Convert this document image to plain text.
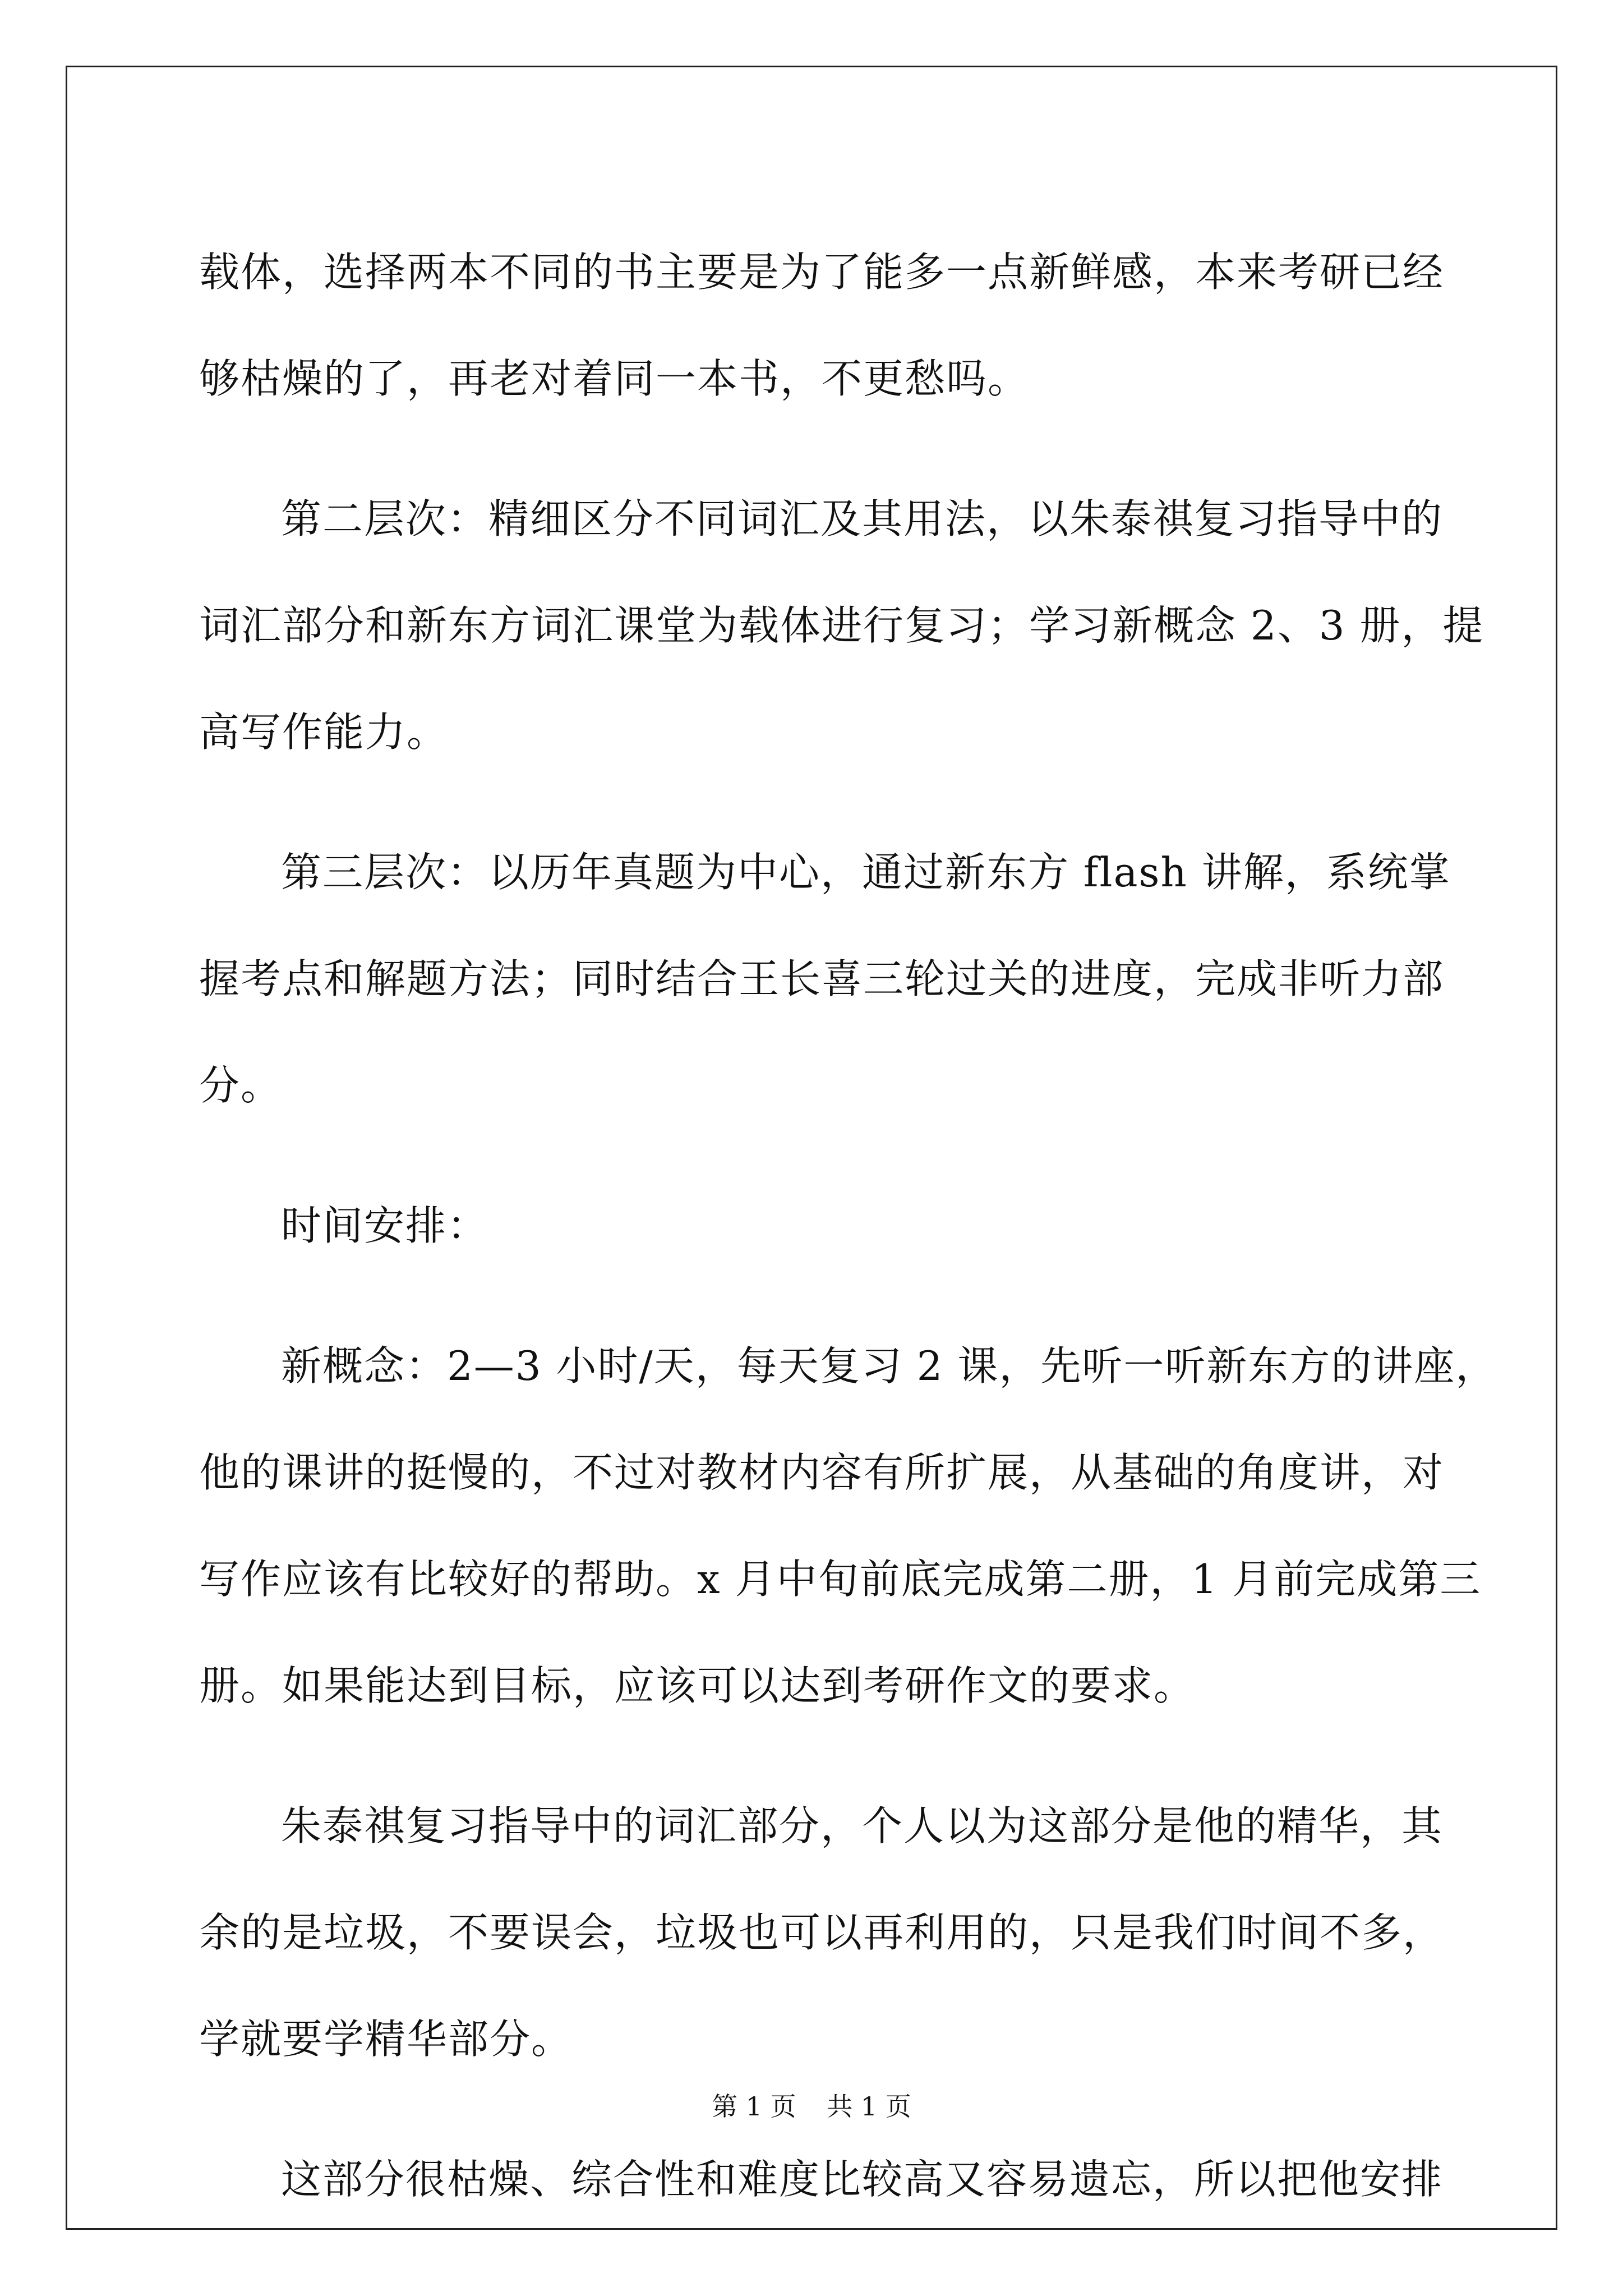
载体，选择两本不同的书主要是为了能多一点新鲜感，本来考研已经
够枯燥的了，再老对着同一本书，不更愁吗。
第二层次：精细区分不同词汇及其用法，以朱泰祺复习指导中的
词汇部分和新东方词汇课堂为载体进行复习；学习新概念 2、3 册，提
高写作能力。
第三层次：以历年真题为中心，通过新东方 flash 讲解，系统掌
握考点和解题方法；同时结合王长喜三轮过关的进度，完成非听力部
分。
时间安排：
新概念：2—3 小时/天，每天复习 2 课，先听一听新东方的讲座，
他的课讲的挺慢的，不过对教材内容有所扩展，从基础的角度讲，对
写作应该有比较好的帮助。x 月中旬前底完成第二册，1 月前完成第三
册。如果能达到目标，应该可以达到考研作文的要求。
朱泰祺复习指导中的词汇部分，个人以为这部分是他的精华，其
余的是垃圾，不要误会，垃圾也可以再利用的，只是我们时间不多，
学就要学精华部分。
这部分很枯燥、综合性和难度比较高又容易遗忘，所以把他安排
第 1 页 共 1 页
